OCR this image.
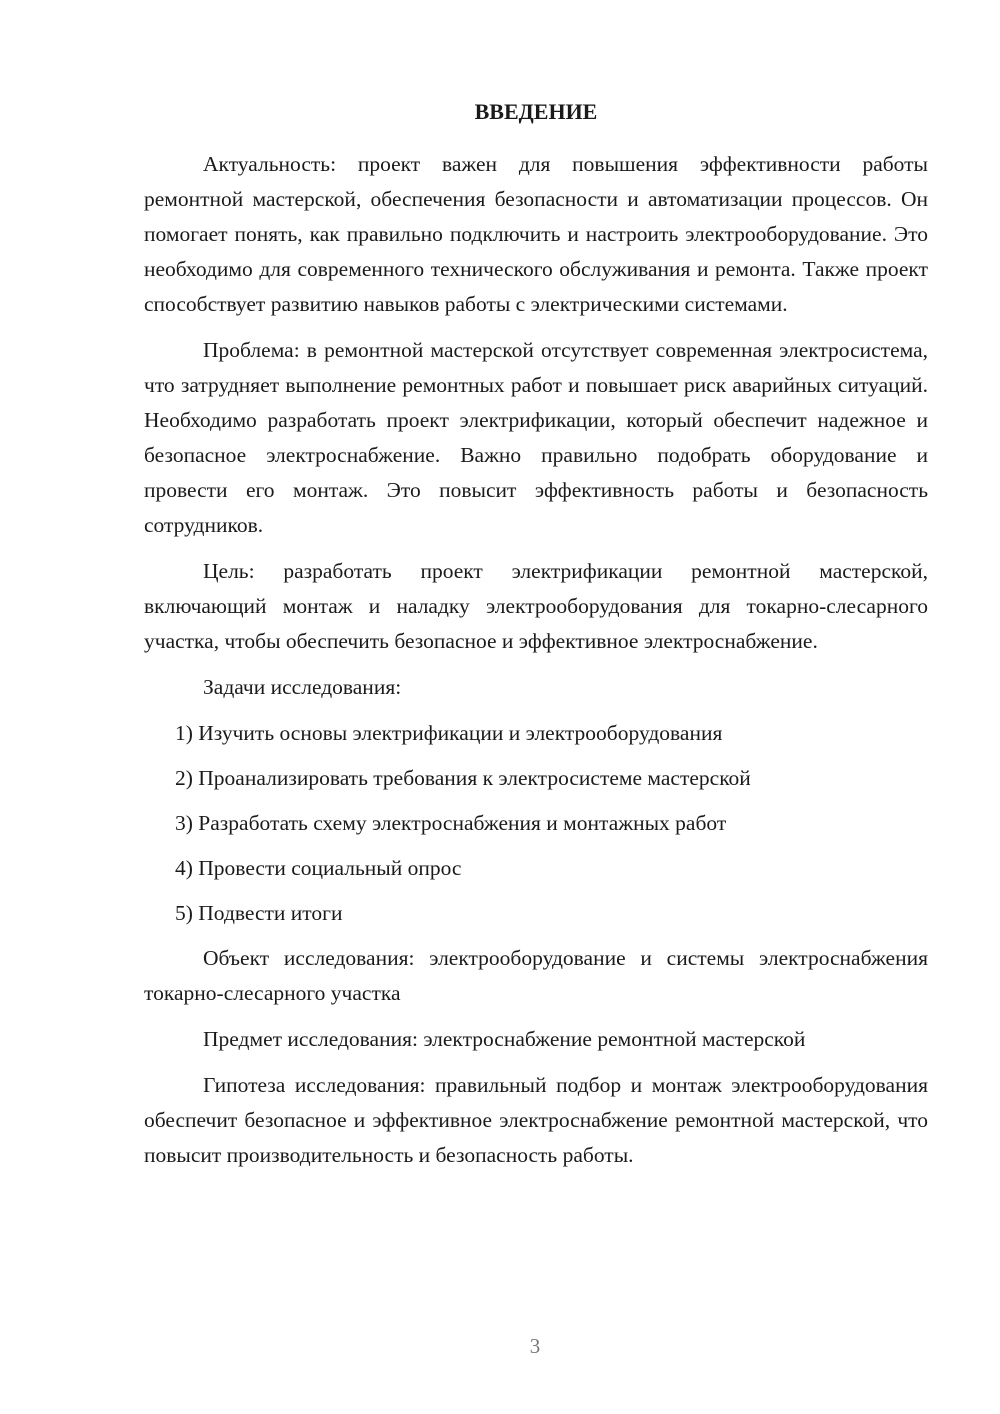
ВВЕДЕНИЕ

Актуальность: проект важен для повышения эффективности работы ремонтной мастерской, обеспечения безопасности и автоматизации процессов. Он помогает понять, как правильно подключить и настроить электрооборудование. Это необходимо для современного технического обслуживания и ремонта. Также проект способствует развитию навыков работы с электрическими системами.

Проблема: в ремонтной мастерской отсутствует современная электросистема, что затрудняет выполнение ремонтных работ и повышает риск аварийных ситуаций. Необходимо разработать проект электрификации, который обеспечит надежное и безопасное электроснабжение. Важно правильно подобрать оборудование и провести его монтаж. Это повысит эффективность работы и безопасность сотрудников.

Цель: разработать проект электрификации ремонтной мастерской, включающий монтаж и наладку электрооборудования для токарно-слесарного участка, чтобы обеспечить безопасное и эффективное электроснабжение.

Задачи исследования:

1) Изучить основы электрификации и электрооборудования
2) Проанализировать требования к электросистеме мастерской
3) Разработать схему электроснабжения и монтажных работ
4) Провести социальный опрос
5) Подвести итоги

Объект исследования: электрооборудование и системы электроснабжения токарно-слесарного участка

Предмет исследования: электроснабжение ремонтной мастерской

Гипотеза исследования: правильный подбор и монтаж электрооборудования обеспечит безопасное и эффективное электроснабжение ремонтной мастерской, что повысит производительность и безопасность работы.

3
